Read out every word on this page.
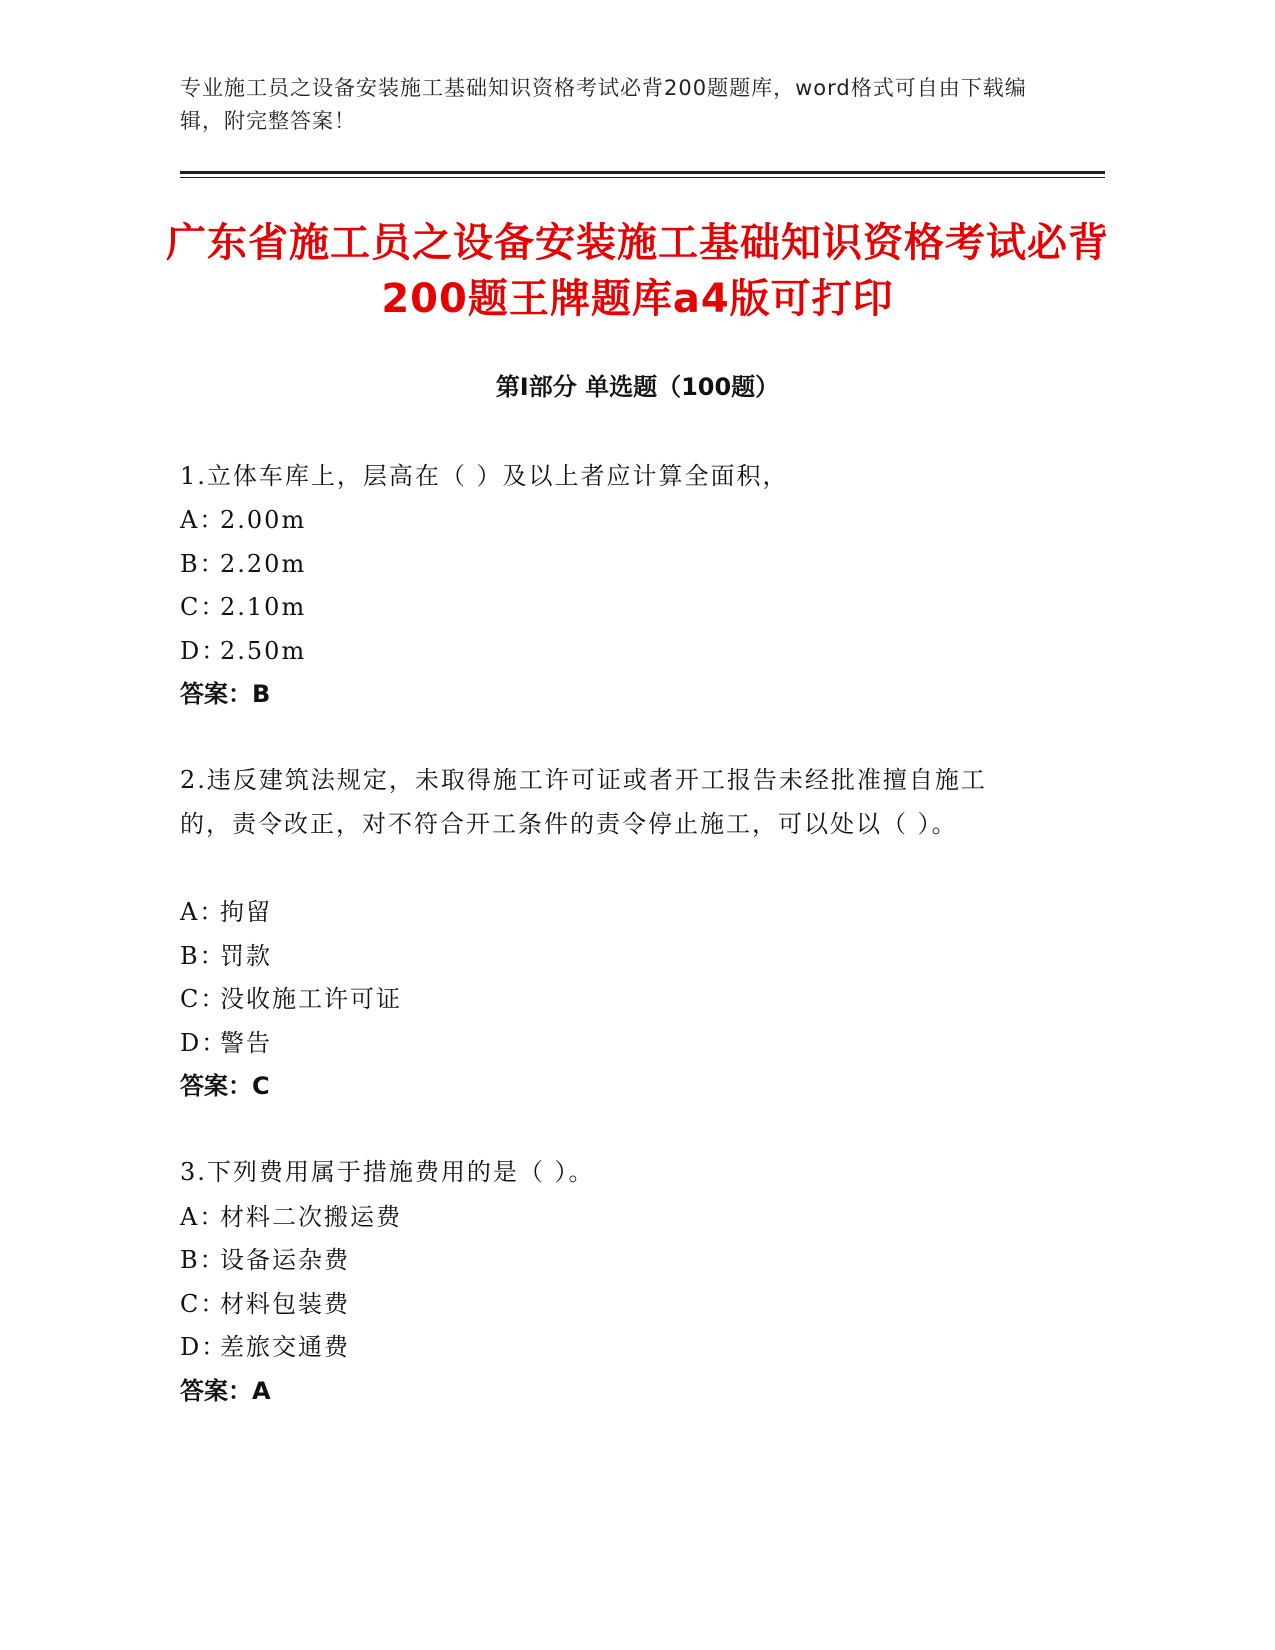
专业施工员之设备安装施工基础知识资格考试必背200题题库，word格式可自由下载编辑，附完整答案！
广东省施工员之设备安装施工基础知识资格考试必背200题王牌题库a4版可打印
第Ⅰ部分 单选题（100题）
1.立体车库上，层高在（ ）及以上者应计算全面积，
A：2.00m
B：2.20m
C：2.10m
D：2.50m
答案：B
2.违反建筑法规定，未取得施工许可证或者开工报告未经批准擅自施工的，责令改正，对不符合开工条件的责令停止施工，可以处以（ ）。
A：拘留
B：罚款
C：没收施工许可证
D：警告
答案：C
3.下列费用属于措施费用的是（ ）。
A：材料二次搬运费
B：设备运杂费
C：材料包装费
D：差旅交通费
答案：A
